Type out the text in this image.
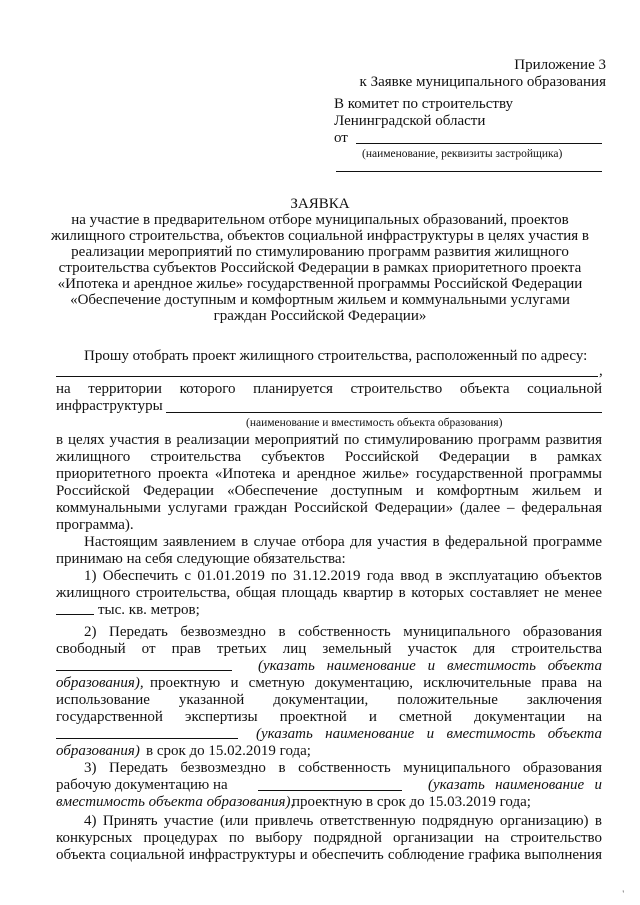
Приложение 3
к Заявке муниципального образования
В комитет по строительству
Ленинградской области
от
(наименование, реквизиты застройщика)
ЗАЯВКА
на участие в предварительном отборе муниципальных образований, проектов
жилищного строительства, объектов социальной инфраструктуры в целях участия в
реализации мероприятий по стимулированию программ развития жилищного
строительства субъектов Российской Федерации в рамках приоритетного проекта
«Ипотека и арендное жилье» государственной программы Российской Федерации
«Обеспечение доступным и комфортным жильем и коммунальными услугами
граждан Российской Федерации»
Прошу отобрать проект жилищного строительства, расположенный по адресу:
,
на территории которого планируется строительство объекта социальной
инфраструктуры
(наименование и вместимость объекта образования)
в целях участия в реализации мероприятий по стимулированию программ развития
жилищного строительства субъектов Российской Федерации в рамках
приоритетного проекта «Ипотека и арендное жилье» государственной программы
Российской Федерации «Обеспечение доступным и комфортным жильем и
коммунальными услугами граждан Российской Федерации» (далее – федеральная
программа).
Настоящим заявлением в случае отбора для участия в федеральной программе
принимаю на себя следующие обязательства:
1) Обеспечить с 01.01.2019 по 31.12.2019 года ввод в эксплуатацию объектов
жилищного строительства, общая площадь квартир в которых составляет не менее
тыс. кв. метров;
2) Передать безвозмездно в собственность муниципального образования
свободный от прав третьих лиц земельный участок для строительства
(указать наименование и вместимость объекта
образования), проектную и сметную документацию, исключительные права на
использование указанной документации, положительные заключения
государственной экспертизы проектной и сметной документации на
(указать наименование и вместимость объекта
образования) в срок до 15.02.2019 года;
3) Передать безвозмездно в собственность муниципального образования
рабочую документацию на	(указать наименование и
вместимость объекта образования),
проектную в срок до 15.03.2019 года;
4) Принять участие (или привлечь ответственную подрядную организацию) в
конкурсных процедурах по выбору подрядной организации на строительство
объекта социальной инфраструктуры и обеспечить соблюдение графика выполнения
'
